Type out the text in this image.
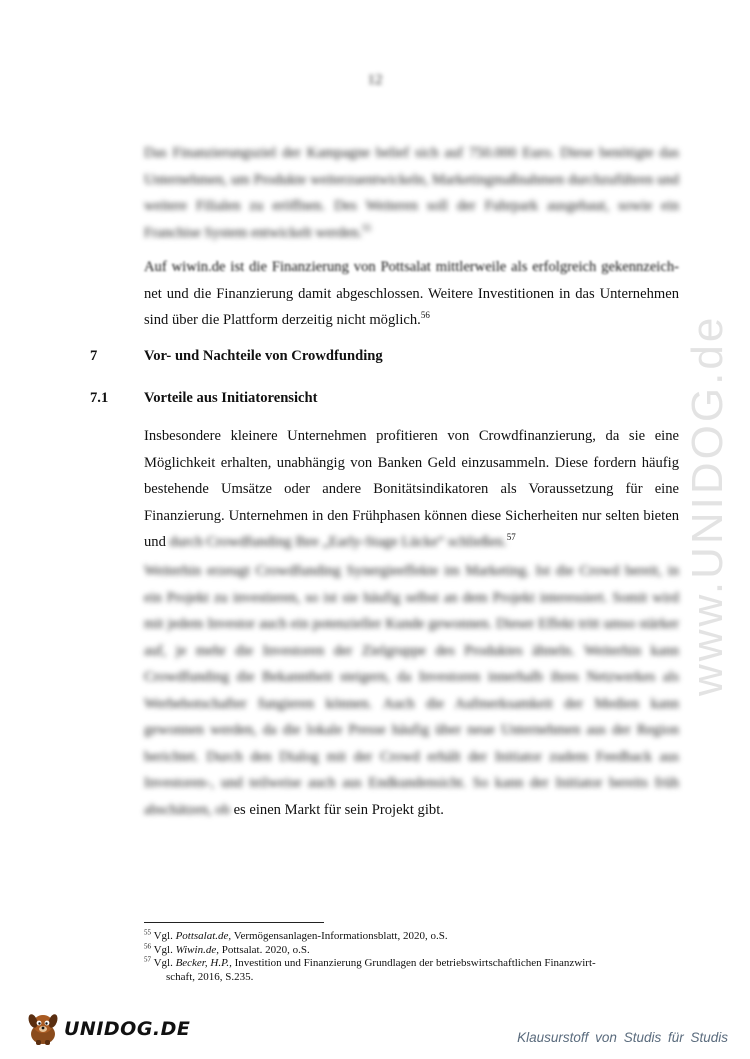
12

Das Finanzierungsziel der Kampagne belief sich auf 750.000 Euro. Diese benötigte das Unternehmen, um Produkte weiterzuentwickeln, Marketingmaßnahmen durchzuführen und weitere Filialen zu eröffnen. Des Weiteren soll der Fuhrpark ausgebaut, sowie ein Franchise System entwickelt werden.$^{55}$

Auf wiwin.de ist die Finanzierung von Pottsalat mittlerweile als erfolgreich gekennzeich- net und die Finanzierung damit abgeschlossen. Weitere Investitionen in das Unternehmen sind über die Plattform derzeitig nicht möglich.$^{56}$

7	Vor- und Nachteile von Crowdfunding
7.1	Vorteile aus Initiatorensicht

Insbesondere kleinere Unternehmen profitieren von Crowdfinanzierung, da sie eine Möglichkeit erhalten, unabhängig von Banken Geld einzusammeln. Diese fordern häufig bestehende Umsätze oder andere Bonitätsindikatoren als Voraussetzung für eine Finanzierung. Unternehmen in den Frühphasen können diese Sicherheiten nur selten bieten und durch Crowdfunding Ihre „Early-Stage Lücke“ schließen.$^{57}$

Weiterhin erzeugt Crowdfunding Synergieeffekte im Marketing. Ist die Crowd bereit, in ein Projekt zu investieren, so ist sie häufig selbst an dem Projekt interessiert. Somit wird mit jedem Investor auch ein potenzieller Kunde gewonnen. Dieser Effekt tritt umso stärker auf, je mehr die Investoren der Zielgruppe des Produktes ähneln. Weiterhin kann Crowdfunding die Bekanntheit steigern, da Investoren innerhalb ihres Netzwerkes als Werbebotschafter fungieren können. Auch die Aufmerksamkeit der Medien kann gewonnen werden, da die lokale Presse häufig über neue Unternehmen aus der Region berichtet. Durch den Dialog mit der Crowd erhält der Initiator zudem Feedback aus Investoren-, und teilweise auch aus Endkundensicht. So kann der Initiator bereits früh abschätzen, ob es einen Markt für sein Projekt gibt.

$^{55}$ Vgl. Pottsalat.de, Vermögensanlagen-Informationsblatt, 2020, o.S.
$^{56}$ Vgl. Wiwin.de, Pottsalat. 2020, o.S.
$^{57}$ Vgl. Becker, H.P., Investition und Finanzierung Grundlagen der betriebswirtschaftlichen Finanzwirt-
schaft, 2016, S.235.
www.UNIDOG.de
UNIDOG.DE	Klausurstoff von Studis für Studis
